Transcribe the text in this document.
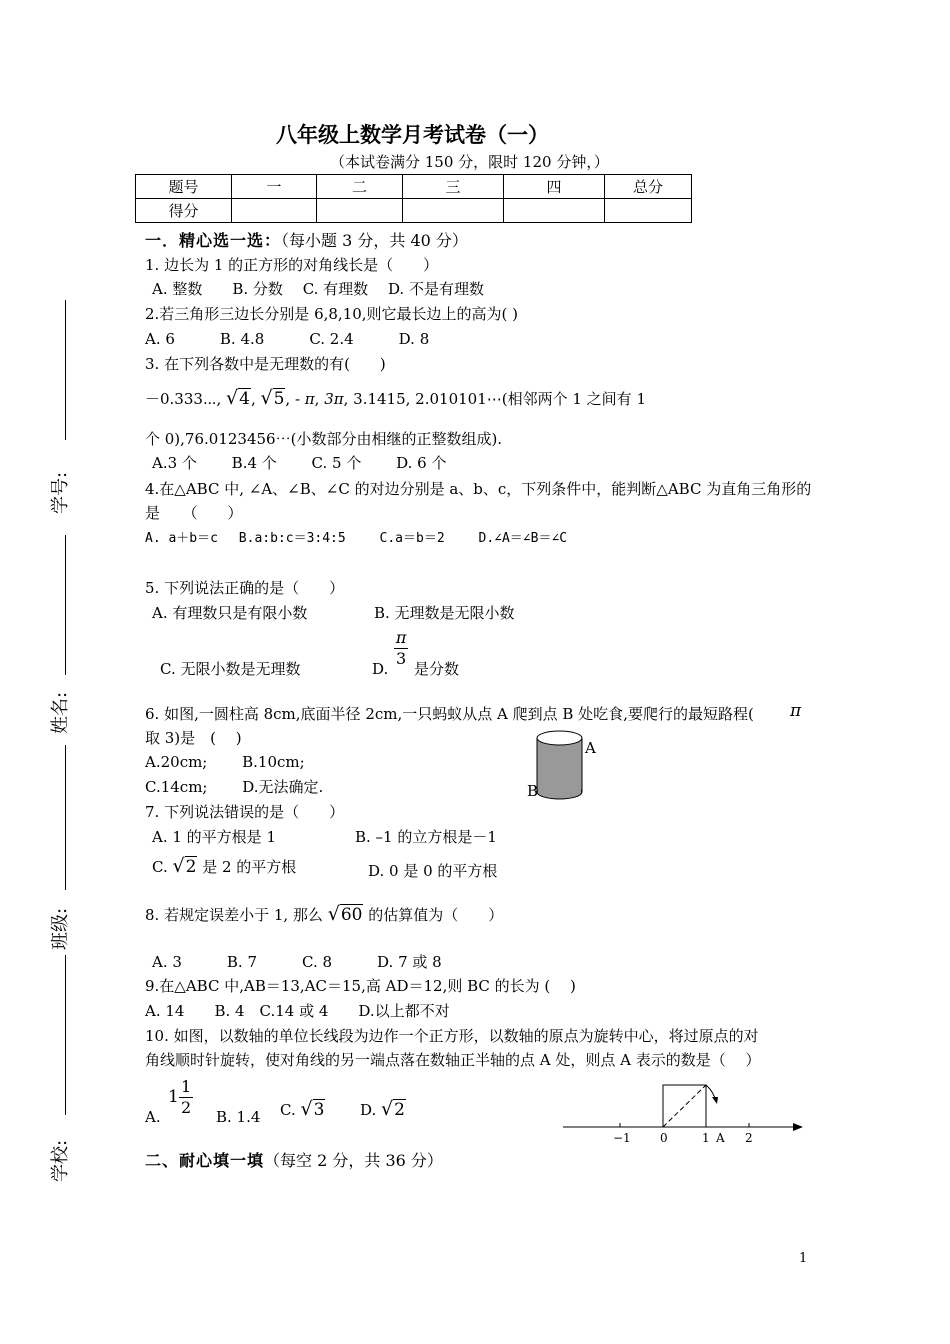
八年级上数学月考试卷（一）
（本试卷满分 150 分，限时 120 分钟，）
题号	一	二	三	四	总分
得分					
学号:
姓名:
班级:
学校:
一．精心选一选：（每小题 3 分，共 40 分）
1. 边长为 1 的正方形的对角线长是（　　）
A. 整数　　B. 分数　 C. 有理数　 D. 不是有理数
2.若三角形三边长分别是 6,8,10,则它最长边上的高为( )
A. 6　　　B. 4.8　　　C. 2.4　　　D. 8
3. 在下列各数中是无理数的有(　　)
－0.333⋯, √4, √5, - π, 3π, 3.1415, 2.010101⋯(相邻两个 1 之间有 1
个 0),76.0123456⋯(小数部分由相继的正整数组成).
A.3 个　　 B.4 个　　 C. 5 个　　 D. 6 个
4.在△ABC 中, ∠A、∠B、∠C 的对边分别是 a、b、c，下列条件中，能判断△ABC 为直角三角形的
是　　（　　）
A. a＋b＝c　 B.a:b:c＝3:4:5　　 C.a＝b＝2　　 D.∠A＝∠B＝∠C
5. 下列说法正确的是（　　）
A. 有理数只是有限小数	B. 无理数是无限小数
C. 无限小数是无理数	D.
π
3
是分数
6. 如图,一圆柱高 8cm,底面半径 2cm,一只蚂蚁从点 A 爬到点 B 处吃食,要爬行的最短路程( π
取 3)是　(　 )
A.20cm;　　 B.10cm;
C.14cm;　　 D.无法确定.
A
B
7. 下列说法错误的是（　　）
A. 1 的平方根是 1	B. –1 的立方根是－1
C. √2 是 2 的平方根	D. 0 是 0 的平方根
8. 若规定误差小于 1, 那么 √60 的估算值为（　　）
A. 3　　　B. 7　　　C. 8　　　D. 7 或 8
9.在△ABC 中,AB＝13,AC＝15,高 AD＝12,则 BC 的长为 (　 )
A. 14　　B. 4　C.14 或 4　　D.以上都不对
10. 如图，以数轴的单位长线段为边作一个正方形，以数轴的原点为旋转中心，将过原点的对
角线顺时针旋转，使对角线的另一端点落在数轴正半轴的点 A 处，则点 A 表示的数是（　 ）
A.
1
1
2 B. 1.4 C. √3 D. √2
−1 0	1 A 2
二、耐心填一填（每空 2 分，共 36 分）
1
